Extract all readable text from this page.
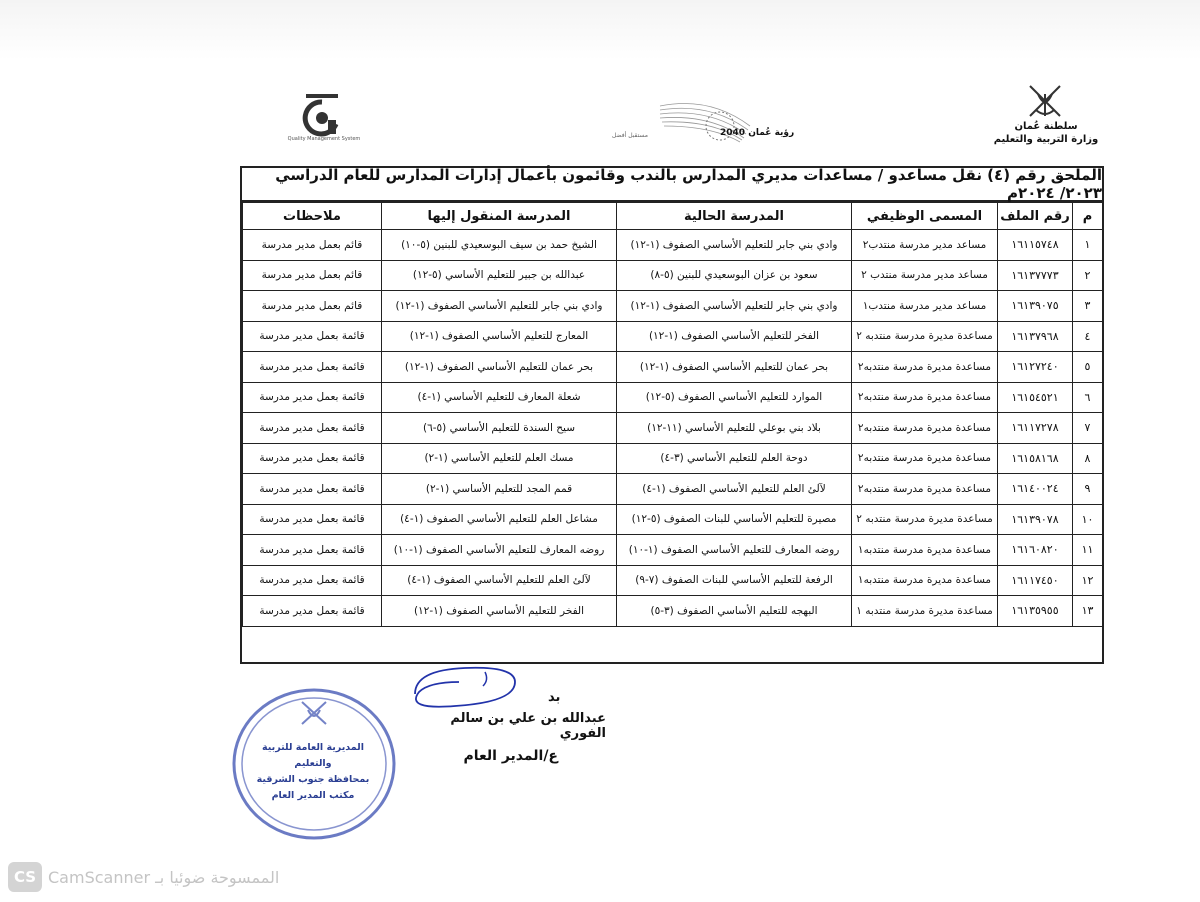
Quality Management System
رؤية عُمان 2040
مستقبل أفضل
سلطنة عُمان
وزارة التربية والتعليم
الملحق رقم (٤) نقل مساعدو / مساعدات مديري المدارس بالندب وقائمون بأعمال إدارات المدارس للعام الدراسي ٢٠٢٣/ ٢٠٢٤م
م	رقم الملف	المسمى الوظيفي	المدرسة الحالية	المدرسة المنقول إليها	ملاحظات
١	١٦١١٥٧٤٨	مساعد مدير مدرسة منتدب٢	وادي بني جابر للتعليم الأساسي الصفوف (١-١٢)	الشيخ حمد بن سيف البوسعيدي للبنين (٥-١٠)	قائم بعمل مدير مدرسة
٢	١٦١٣٧٧٧٣	مساعد مدير مدرسة منتدب ٢	سعود بن عزان البوسعيدي للبنين (٥-٨)	عبدالله بن جبير للتعليم الأساسي (٥-١٢)	قائم بعمل مدير مدرسة
٣	١٦١٣٩٠٧٥	مساعد مدير مدرسة منتدب١	وادي بني جابر للتعليم الأساسي الصفوف (١-١٢)	وادي بني جابر للتعليم الأساسي الصفوف (١-١٢)	قائم بعمل مدير مدرسة
٤	١٦١٣٧٩٦٨	مساعدة مديرة مدرسة منتدبه ٢	الفخر للتعليم الأساسي الصفوف (١-١٢)	المعارج للتعليم الأساسي الصفوف (١-١٢)	قائمة بعمل مدير مدرسة
٥	١٦١٢٧٢٤٠	مساعدة مديرة مدرسة منتدبه٢	بحر عمان للتعليم الأساسي الصفوف (١-١٢)	بحر عمان للتعليم الأساسي الصفوف (١-١٢)	قائمة بعمل مدير مدرسة
٦	١٦١٥٤٥٢١	مساعدة مديرة مدرسة منتدبه٢	الموارد للتعليم الأساسي الصفوف (٥-١٢)	شعلة المعارف للتعليم الأساسي (١-٤)	قائمة بعمل مدير مدرسة
٧	١٦١١٧٢٧٨	مساعدة مديرة مدرسة منتدبه٢	بلاد بني بوعلي للتعليم الأساسي (١١-١٢)	سيح السندة للتعليم الأساسي (٥-٦)	قائمة بعمل مدير مدرسة
٨	١٦١٥٨١٦٨	مساعدة مديرة مدرسة منتدبه٢	دوحة العلم للتعليم الأساسي (٣-٤)	مسك العلم للتعليم الأساسي (١-٢)	قائمة بعمل مدير مدرسة
٩	١٦١٤٠٠٢٤	مساعدة مديرة مدرسة منتدبه٢	لآلئ العلم للتعليم الأساسي الصفوف (١-٤)	قمم المجد للتعليم الأساسي (١-٢)	قائمة بعمل مدير مدرسة
١٠	١٦١٣٩٠٧٨	مساعدة مديرة مدرسة منتدبه ٢	مصيرة للتعليم الأساسي للبنات الصفوف (٥-١٢)	مشاعل العلم للتعليم الأساسي الصفوف (١-٤)	قائمة بعمل مدير مدرسة
١١	١٦١٦٠٨٢٠	مساعدة مديرة مدرسة منتدبه١	روضه المعارف للتعليم الأساسي الصفوف (١-١٠)	روضه المعارف للتعليم الأساسي الصفوف (١-١٠)	قائمة بعمل مدير مدرسة
١٢	١٦١١٧٤٥٠	مساعدة مديرة مدرسة منتدبه١	الرفعة للتعليم الأساسي للبنات الصفوف (٧-٩)	لآلئ العلم للتعليم الأساسي الصفوف (١-٤)	قائمة بعمل مدير مدرسة
١٣	١٦١٣٥٩٥٥	مساعدة مديرة مدرسة منتدبه ١	البهجه للتعليم الأساسي الصفوف (٣-٥)	الفخر للتعليم الأساسي الصفوف (١-١٢)	قائمة بعمل مدير مدرسة
بد
عبدالله بن علي بن سالم الفوري
ع/المدير العام
المديرية العامة للتربية والتعليم
بمحافظة جنوب الشرقية
مكتب المدير العام
CS الممسوحة ضوئيا بـ CamScanner
